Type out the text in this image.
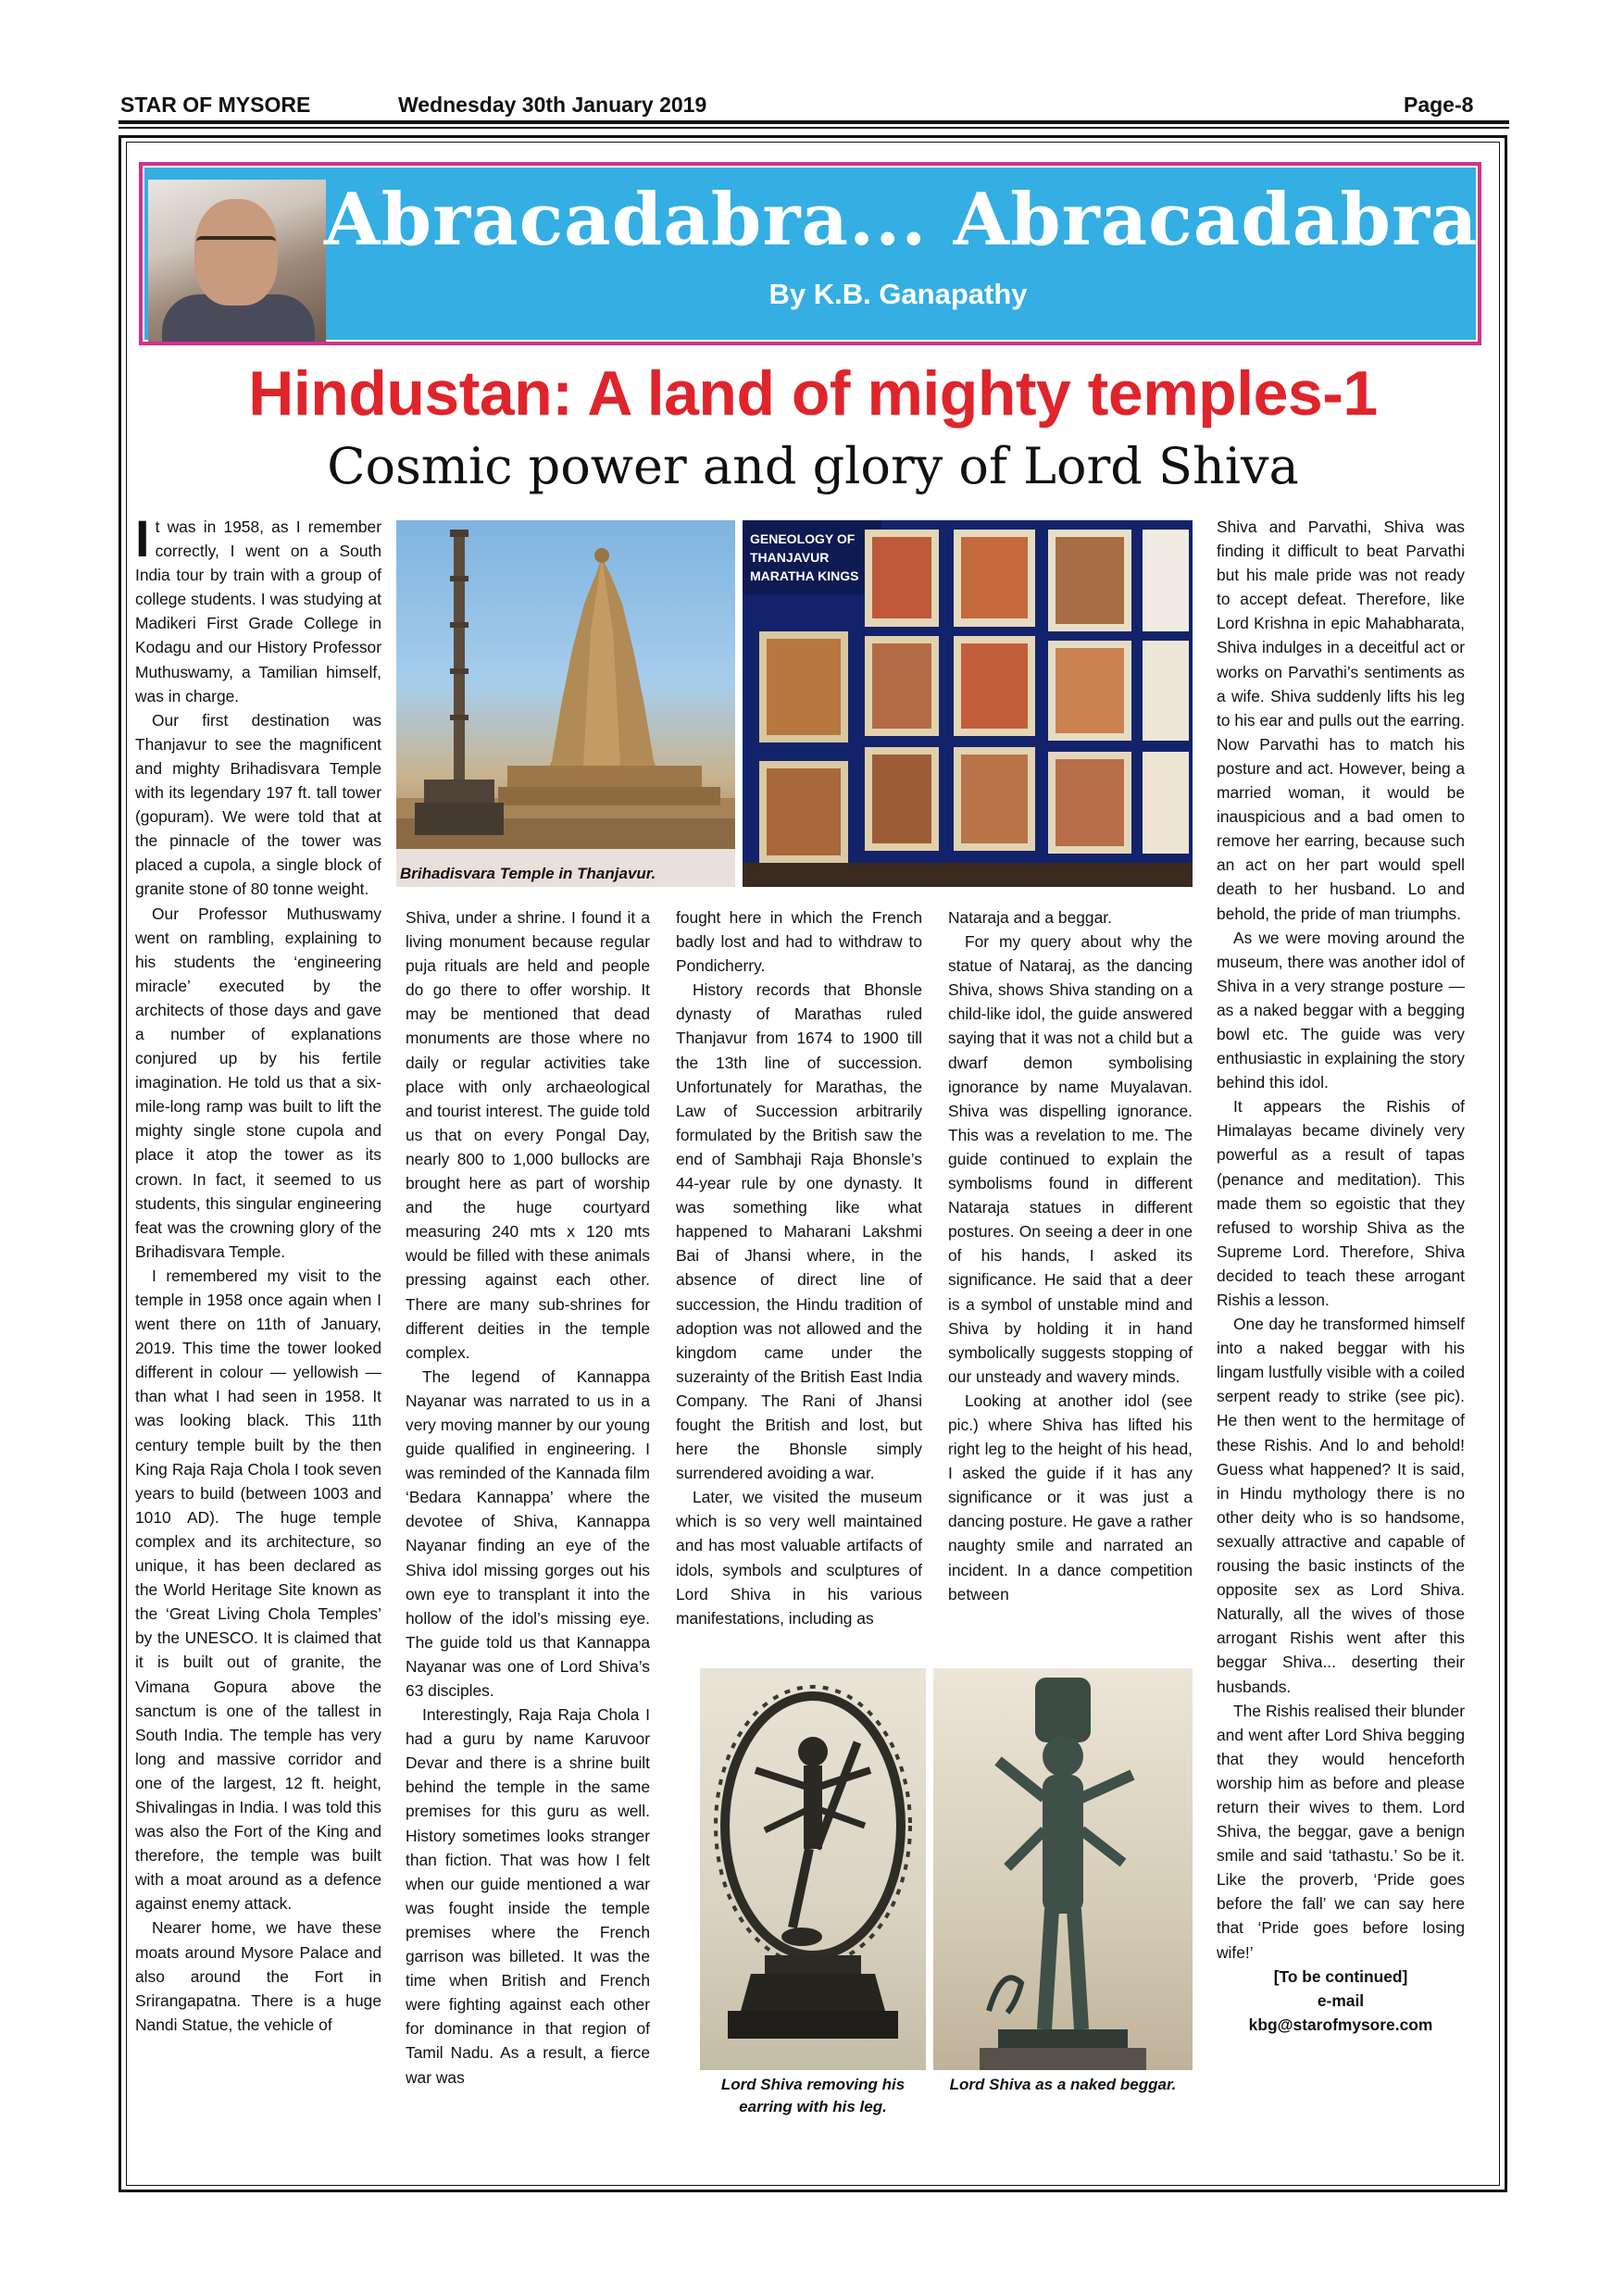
STAR OF MYSORE	Wednesday 30th January 2019	Page-8
Abracadabra... Abracadabra...
By K.B. Ganapathy
Hindustan: A land of mighty temples-1
Cosmic power and glory of Lord Shiva
Brihadisvara Temple in Thanjavur.
GENEOLOGY OF THANJAVUR MARATHA KINGS

It was in 1958, as I remember correctly, I went on a South India tour by train with a group of college students. I was studying at Madikeri First Grade College in Kodagu and our History Professor Muthuswamy, a Tamilian himself, was in charge.

Our first destination was Thanjavur to see the magnificent and mighty Brihadisvara Temple with its legendary 197 ft. tall tower (gopuram). We were told that at the pinnacle of the tower was placed a cupola, a single block of granite stone of 80 tonne weight.

Our Professor Muthuswamy went on rambling, explaining to his students the ‘engineering miracle’ executed by the architects of those days and gave a number of explanations conjured up by his fertile imagination. He told us that a six-mile-long ramp was built to lift the mighty single stone cupola and place it atop the tower as its crown. In fact, it seemed to us students, this singular engineering feat was the crowning glory of the Brihadisvara Temple.

I remembered my visit to the temple in 1958 once again when I went there on 11th of January, 2019. This time the tower looked different in colour — yellowish — than what I had seen in 1958. It was looking black. This 11th century temple built by the then King Raja Raja Chola I took seven years to build (between 1003 and 1010 AD). The huge temple complex and its architecture, so unique, it has been declared as the World Heritage Site known as the ‘Great Living Chola Temples’ by the UNESCO. It is claimed that it is built out of granite, the Vimana Gopura above the sanctum is one of the tallest in South India. The temple has very long and massive corridor and one of the largest, 12 ft. height, Shivalingas in India. I was told this was also the Fort of the King and therefore, the temple was built with a moat around as a defence against enemy attack.

Nearer home, we have these moats around Mysore Palace and also around the Fort in Srirangapatna. There is a huge Nandi Statue, the vehicle of

Shiva, under a shrine. I found it a living monument because regular puja rituals are held and people do go there to offer worship. It may be mentioned that dead monuments are those where no daily or regular activities take place with only archaeological and tourist interest. The guide told us that on every Pongal Day, nearly 800 to 1,000 bullocks are brought here as part of worship and the huge courtyard measuring 240 mts x 120 mts would be filled with these animals pressing against each other. There are many sub-shrines for different deities in the temple complex.

The legend of Kannappa Nayanar was narrated to us in a very moving manner by our young guide qualified in engineering. I was reminded of the Kannada film ‘Bedara Kannappa’ where the devotee of Shiva, Kannappa Nayanar finding an eye of the Shiva idol missing gorges out his own eye to transplant it into the hollow of the idol’s missing eye. The guide told us that Kannappa Nayanar was one of Lord Shiva’s 63 disciples.

Interestingly, Raja Raja Chola I had a guru by name Karuvoor Devar and there is a shrine built behind the temple in the same premises for this guru as well. History sometimes looks stranger than fiction. That was how I felt when our guide mentioned a war was fought inside the temple premises where the French garrison was billeted. It was the time when British and French were fighting against each other for dominance in that region of Tamil Nadu. As a result, a fierce war was

fought here in which the French badly lost and had to withdraw to Pondicherry.

History records that Bhonsle dynasty of Marathas ruled Thanjavur from 1674 to 1900 till the 13th line of succession. Unfortunately for Marathas, the Law of Succession arbitrarily formulated by the British saw the end of Sambhaji Raja Bhonsle’s 44-year rule by one dynasty. It was something like what happened to Maharani Lakshmi Bai of Jhansi where, in the absence of direct line of succession, the Hindu tradition of adoption was not allowed and the kingdom came under the suzerainty of the British East India Company. The Rani of Jhansi fought the British and lost, but here the Bhonsle simply surrendered avoiding a war.

Later, we visited the museum which is so very well maintained and has most valuable artifacts of idols, symbols and sculptures of Lord Shiva in his various manifestations, including as

Nataraja and a beggar.

For my query about why the statue of Nataraj, as the dancing Shiva, shows Shiva standing on a child-like idol, the guide answered saying that it was not a child but a dwarf demon symbolising ignorance by name Muyalavan. Shiva was dispelling ignorance. This was a revelation to me. The guide continued to explain the symbolisms found in different Nataraja statues in different postures. On seeing a deer in one of his hands, I asked its significance. He said that a deer is a symbol of unstable mind and Shiva by holding it in hand symbolically suggests stopping of our unsteady and wavery minds.

Looking at another idol (see pic.) where Shiva has lifted his right leg to the height of his head, I asked the guide if it has any significance or it was just a dancing posture. He gave a rather naughty smile and narrated an incident. In a dance competition between

Lord Shiva removing his earring with his leg.
Lord Shiva as a naked beggar.

Shiva and Parvathi, Shiva was finding it difficult to beat Parvathi but his male pride was not ready to accept defeat. Therefore, like Lord Krishna in epic Mahabharata, Shiva indulges in a deceitful act or works on Parvathi’s sentiments as a wife. Shiva suddenly lifts his leg to his ear and pulls out the earring. Now Parvathi has to match his posture and act. However, being a married woman, it would be inauspicious and a bad omen to remove her earring, because such an act on her part would spell death to her husband. Lo and behold, the pride of man triumphs.

As we were moving around the museum, there was another idol of Shiva in a very strange posture — as a naked beggar with a begging bowl etc. The guide was very enthusiastic in explaining the story behind this idol.

It appears the Rishis of Himalayas became divinely very powerful as a result of tapas (penance and meditation). This made them so egoistic that they refused to worship Shiva as the Supreme Lord. Therefore, Shiva decided to teach these arrogant Rishis a lesson.

One day he transformed himself into a naked beggar with his lingam lustfully visible with a coiled serpent ready to strike (see pic). He then went to the hermitage of these Rishis. And lo and behold! Guess what happened? It is said, in Hindu mythology there is no other deity who is so handsome, sexually attractive and capable of rousing the basic instincts of the opposite sex as Lord Shiva. Naturally, all the wives of those arrogant Rishis went after this beggar Shiva... deserting their husbands.

The Rishis realised their blunder and went after Lord Shiva begging that they would henceforth worship him as before and please return their wives to them. Lord Shiva, the beggar, gave a benign smile and said ‘tathastu.’ So be it. Like the proverb, ‘Pride goes before the fall’ we can say here that ‘Pride goes before losing wife!’

[To be continued]

e-mail

kbg@starofmysore.com
